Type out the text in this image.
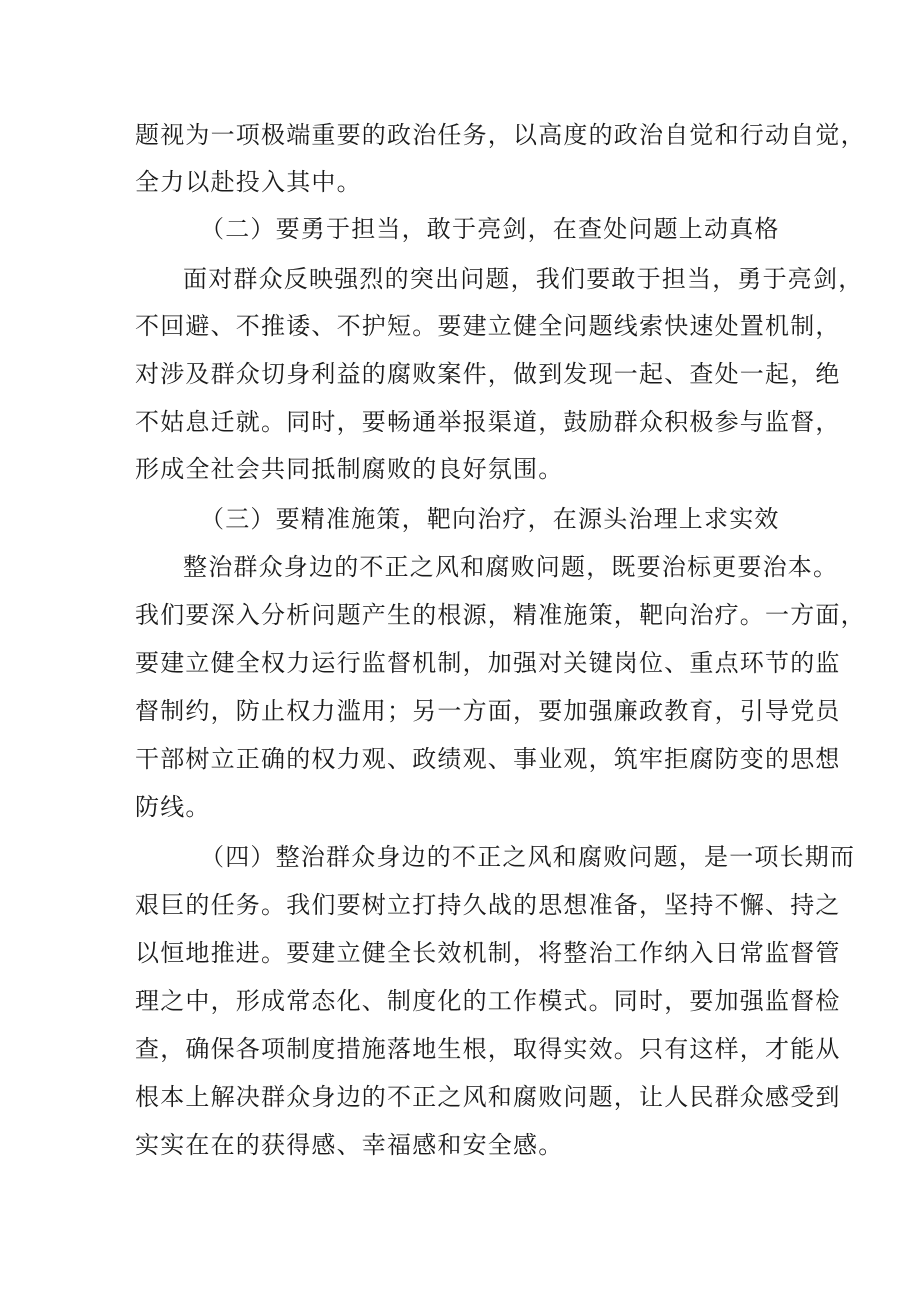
题视为一项极端重要的政治任务，以高度的政治自觉和行动自觉，
全力以赴投入其中。
（二）要勇于担当，敢于亮剑，在查处问题上动真格
面对群众反映强烈的突出问题，我们要敢于担当，勇于亮剑，
不回避、不推诿、不护短。要建立健全问题线索快速处置机制，
对涉及群众切身利益的腐败案件，做到发现一起、查处一起，绝
不姑息迁就。同时，要畅通举报渠道，鼓励群众积极参与监督，
形成全社会共同抵制腐败的良好氛围。
（三）要精准施策，靶向治疗，在源头治理上求实效
整治群众身边的不正之风和腐败问题，既要治标更要治本。
我们要深入分析问题产生的根源，精准施策，靶向治疗。一方面，
要建立健全权力运行监督机制，加强对关键岗位、重点环节的监
督制约，防止权力滥用；另一方面，要加强廉政教育，引导党员
干部树立正确的权力观、政绩观、事业观，筑牢拒腐防变的思想
防线。
（四）整治群众身边的不正之风和腐败问题，是一项长期而
艰巨的任务。我们要树立打持久战的思想准备，坚持不懈、持之
以恒地推进。要建立健全长效机制，将整治工作纳入日常监督管
理之中，形成常态化、制度化的工作模式。同时，要加强监督检
查，确保各项制度措施落地生根，取得实效。只有这样，才能从
根本上解决群众身边的不正之风和腐败问题，让人民群众感受到
实实在在的获得感、幸福感和安全感。
